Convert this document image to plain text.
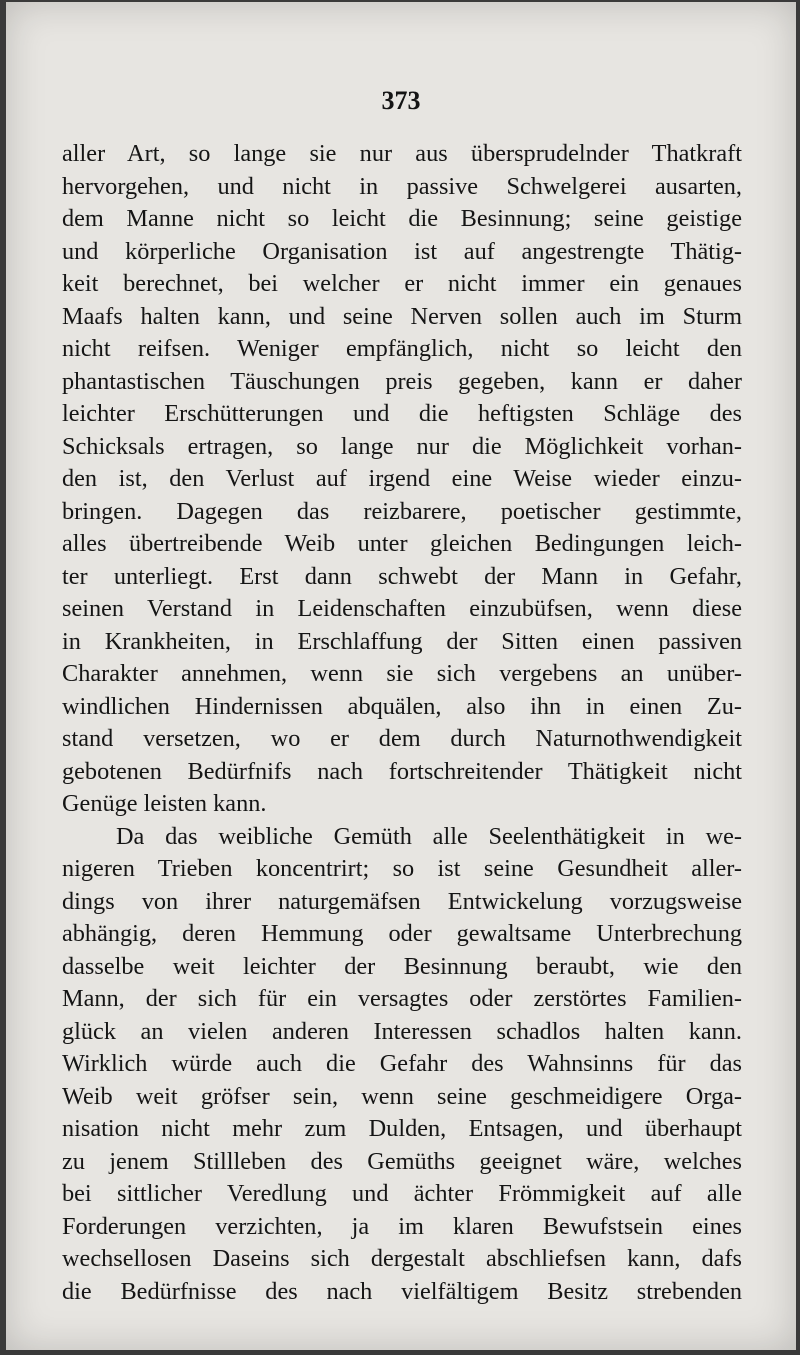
373
aller Art, so lange sie nur aus übersprudelnder Thatkraft
hervorgehen, und nicht in passive Schwelgerei ausarten,
dem Manne nicht so leicht die Besinnung; seine geistige
und körperliche Organisation ist auf angestrengte Thätig-
keit berechnet, bei welcher er nicht immer ein genaues
Maafs halten kann, und seine Nerven sollen auch im Sturm
nicht reifsen. Weniger empfänglich, nicht so leicht den
phantastischen Täuschungen preis gegeben, kann er daher
leichter Erschütterungen und die heftigsten Schläge des
Schicksals ertragen, so lange nur die Möglichkeit vorhan-
den ist, den Verlust auf irgend eine Weise wieder einzu-
bringen. Dagegen das reizbarere, poetischer gestimmte,
alles übertreibende Weib unter gleichen Bedingungen leich-
ter unterliegt. Erst dann schwebt der Mann in Gefahr,
seinen Verstand in Leidenschaften einzubüfsen, wenn diese
in Krankheiten, in Erschlaffung der Sitten einen passiven
Charakter annehmen, wenn sie sich vergebens an unüber-
windlichen Hindernissen abquälen, also ihn in einen Zu-
stand versetzen, wo er dem durch Naturnothwendigkeit
gebotenen Bedürfnifs nach fortschreitender Thätigkeit nicht
Genüge leisten kann.
Da das weibliche Gemüth alle Seelenthätigkeit in we-
nigeren Trieben koncentrirt; so ist seine Gesundheit aller-
dings von ihrer naturgemäfsen Entwickelung vorzugsweise
abhängig, deren Hemmung oder gewaltsame Unterbrechung
dasselbe weit leichter der Besinnung beraubt, wie den
Mann, der sich für ein versagtes oder zerstörtes Familien-
glück an vielen anderen Interessen schadlos halten kann.
Wirklich würde auch die Gefahr des Wahnsinns für das
Weib weit gröfser sein, wenn seine geschmeidigere Orga-
nisation nicht mehr zum Dulden, Entsagen, und überhaupt
zu jenem Stillleben des Gemüths geeignet wäre, welches
bei sittlicher Veredlung und ächter Frömmigkeit auf alle
Forderungen verzichten, ja im klaren Bewufstsein eines
wechsellosen Daseins sich dergestalt abschliefsen kann, dafs
die Bedürfnisse des nach vielfältigem Besitz strebenden
